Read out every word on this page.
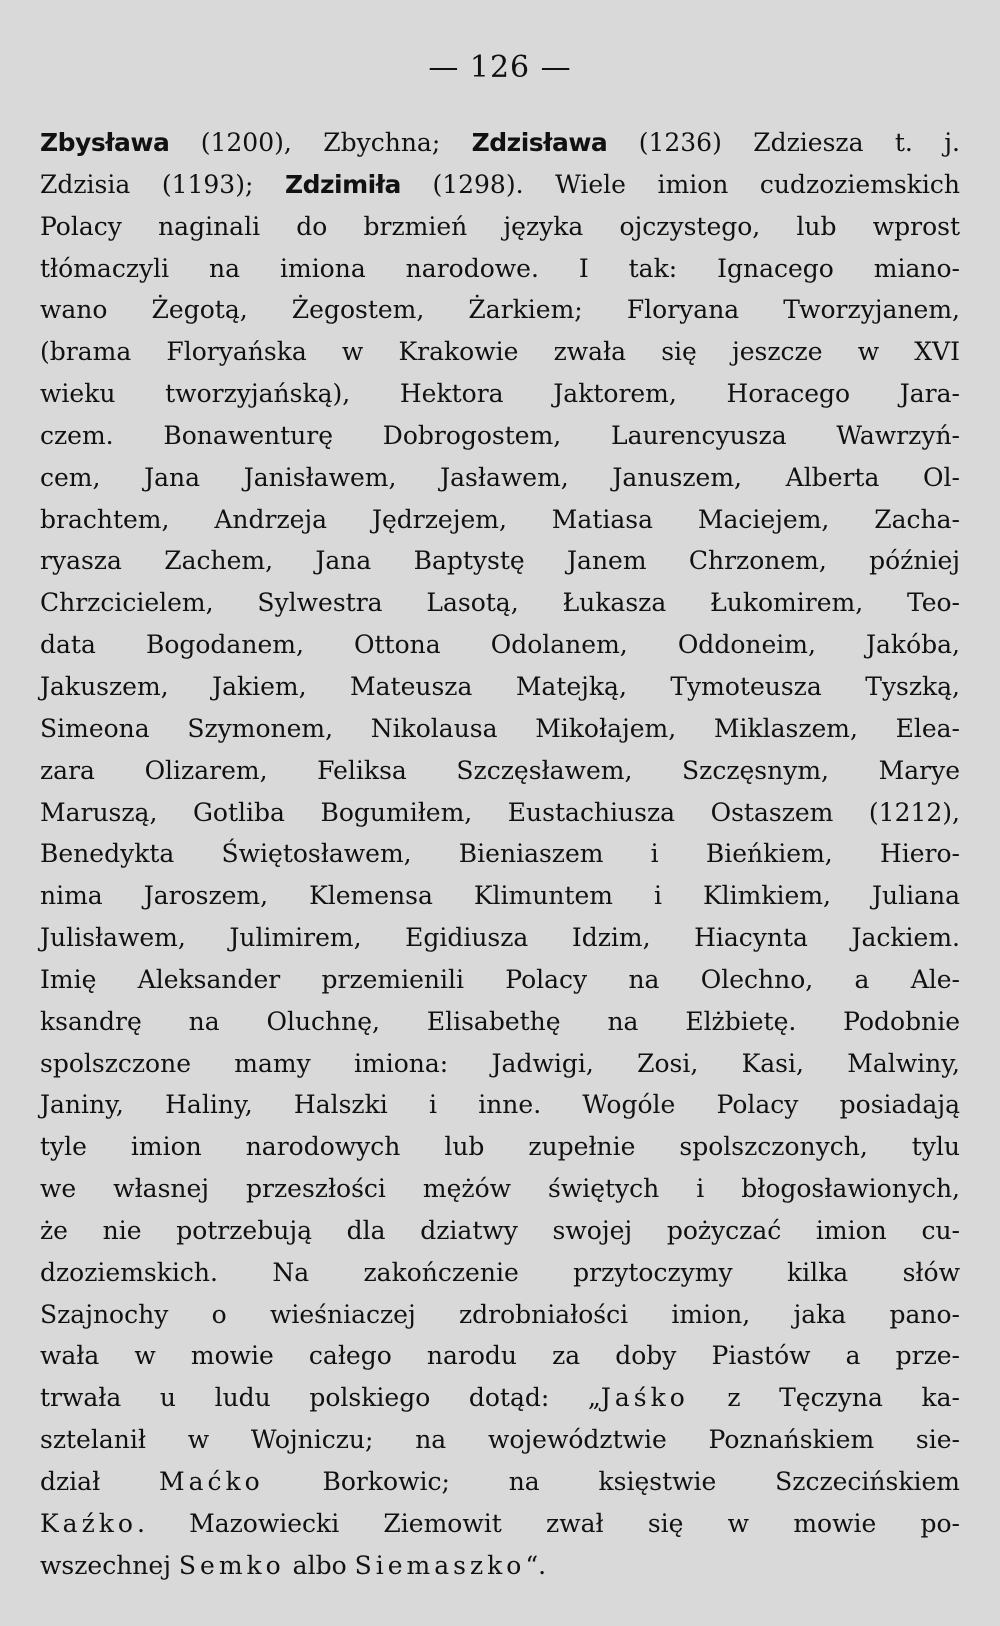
— 126 —
Zbysława (1200), Zbychna; Zdzisława (1236) Zdziesza t. j.
Zdzisia (1193); Zdzimiła (1298). Wiele imion cudzoziemskich
Polacy naginali do brzmień języka ojczystego, lub wprost
tłómaczyli na imiona narodowe. I tak: Ignacego miano-
wano Żegotą, Żegostem, Żarkiem; Floryana Tworzyjanem,
(brama Floryańska w Krakowie zwała się jeszcze w XVI
wieku tworzyjańską), Hektora Jaktorem, Horacego Jara-
czem. Bonawenturę Dobrogostem, Laurencyusza Wawrzyń-
cem, Jana Janisławem, Jasławem, Januszem, Alberta Ol-
brachtem, Andrzeja Jędrzejem, Matiasa Maciejem, Zacha-
ryasza Zachem, Jana Baptystę Janem Chrzonem, później
Chrzcicielem, Sylwestra Lasotą, Łukasza Łukomirem, Teo-
data Bogodanem, Ottona Odolanem, Oddoneim, Jakóba,
Jakuszem, Jakiem, Mateusza Matejką, Tymoteusza Tyszką,
Simeona Szymonem, Nikolausa Mikołajem, Miklaszem, Elea-
zara Olizarem, Feliksa Szczęsławem, Szczęsnym, Marye
Maruszą, Gotliba Bogumiłem, Eustachiusza Ostaszem (1212),
Benedykta Świętosławem, Bieniaszem i Bieńkiem, Hiero-
nima Jaroszem, Klemensa Klimuntem i Klimkiem, Juliana
Julisławem, Julimirem, Egidiusza Idzim, Hiacynta Jackiem.
Imię Aleksander przemienili Polacy na Olechno, a Ale-
ksandrę na Oluchnę, Elisabethę na Elżbietę. Podobnie
spolszczone mamy imiona: Jadwigi, Zosi, Kasi, Malwiny,
Janiny, Haliny, Halszki i inne. Wogóle Polacy posiadają
tyle imion narodowych lub zupełnie spolszczonych, tylu
we własnej przeszłości mężów świętych i błogosławionych,
że nie potrzebują dla dziatwy swojej pożyczać imion cu-
dzoziemskich. Na zakończenie przytoczymy kilka słów
Szajnochy o wieśniaczej zdrobniałości imion, jaka pano-
wała w mowie całego narodu za doby Piastów a prze-
trwała u ludu polskiego dotąd: „Jaśko z Tęczyna ka-
sztelanił w Wojniczu; na województwie Poznańskiem sie-
dział Maćko Borkowic; na księstwie Szczecińskiem
Kaźko. Mazowiecki Ziemowit zwał się w mowie po-
wszechnej Semko albo Siemaszko“.
